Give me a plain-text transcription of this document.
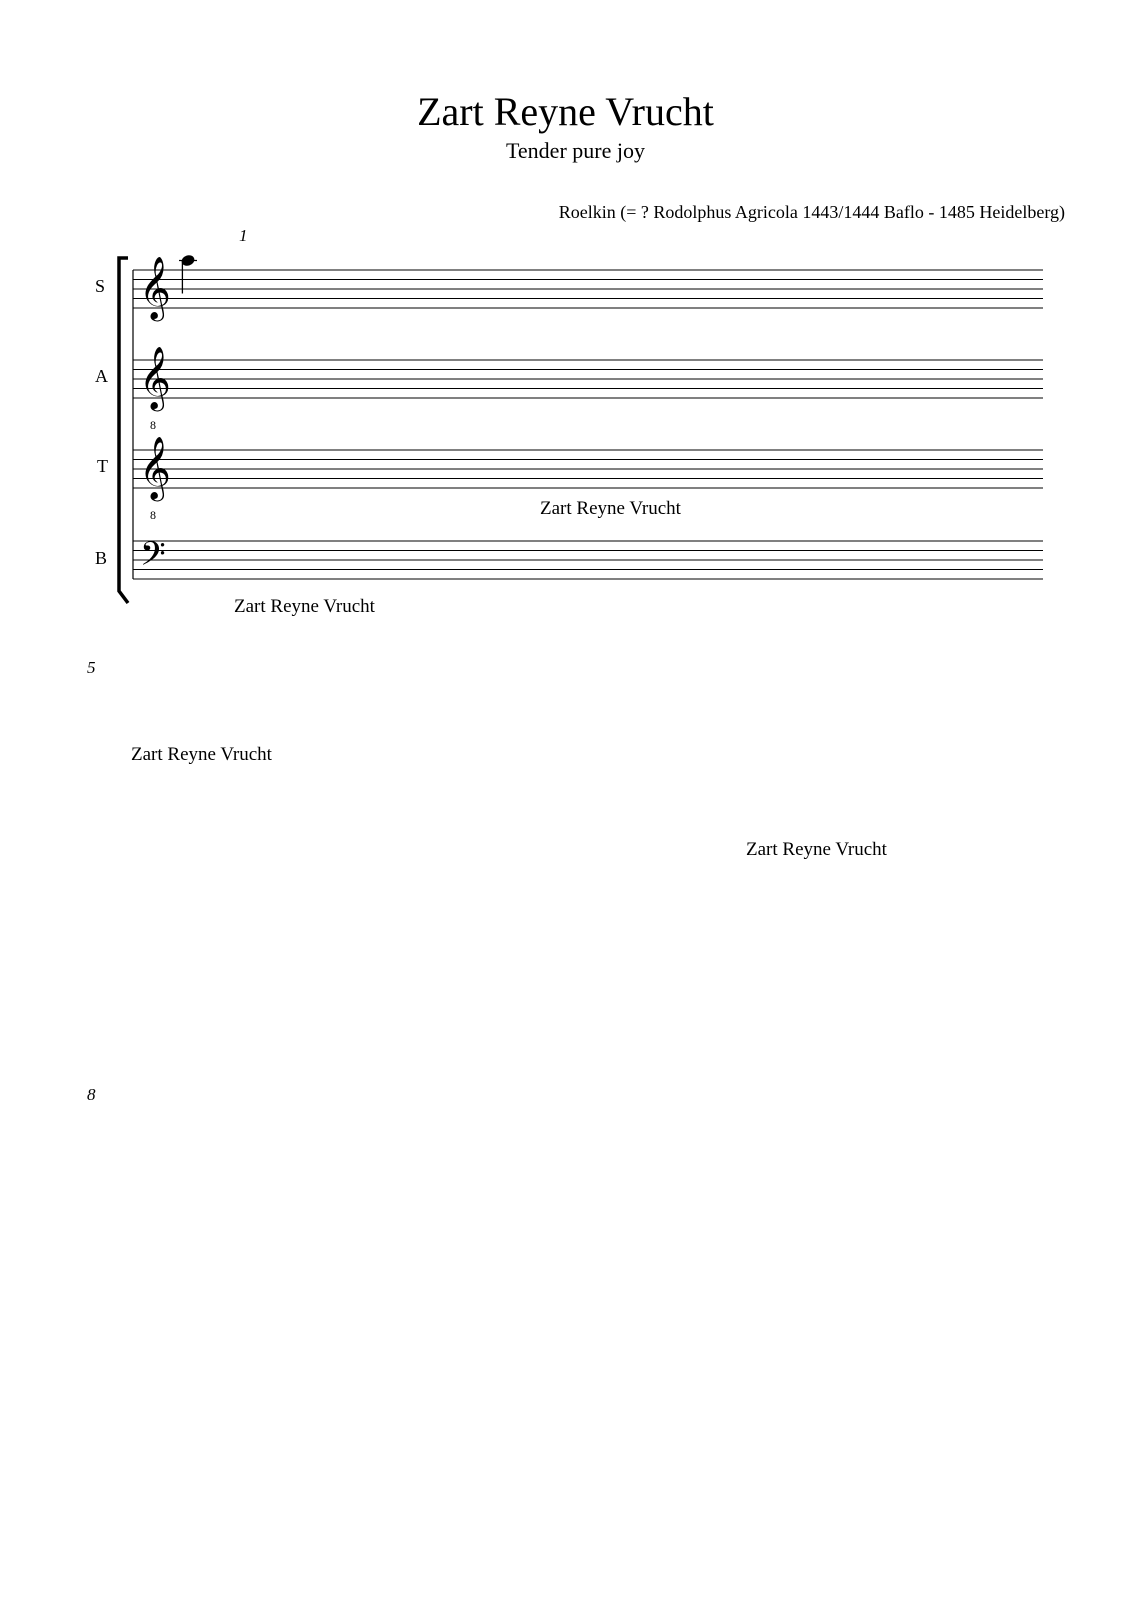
Zart Reyne Vrucht
Tender pure joy
Roelkin (= ? Rodolphus Agricola 1443/1444 Baflo - 1485 Heidelberg)
S
A
T
B
1
5
8
Zart Reyne Vrucht
Zart Reyne Vrucht
Zart Reyne Vrucht
Zart Reyne Vrucht
𝄞
𝄞
8
𝄞
8
𝄢
